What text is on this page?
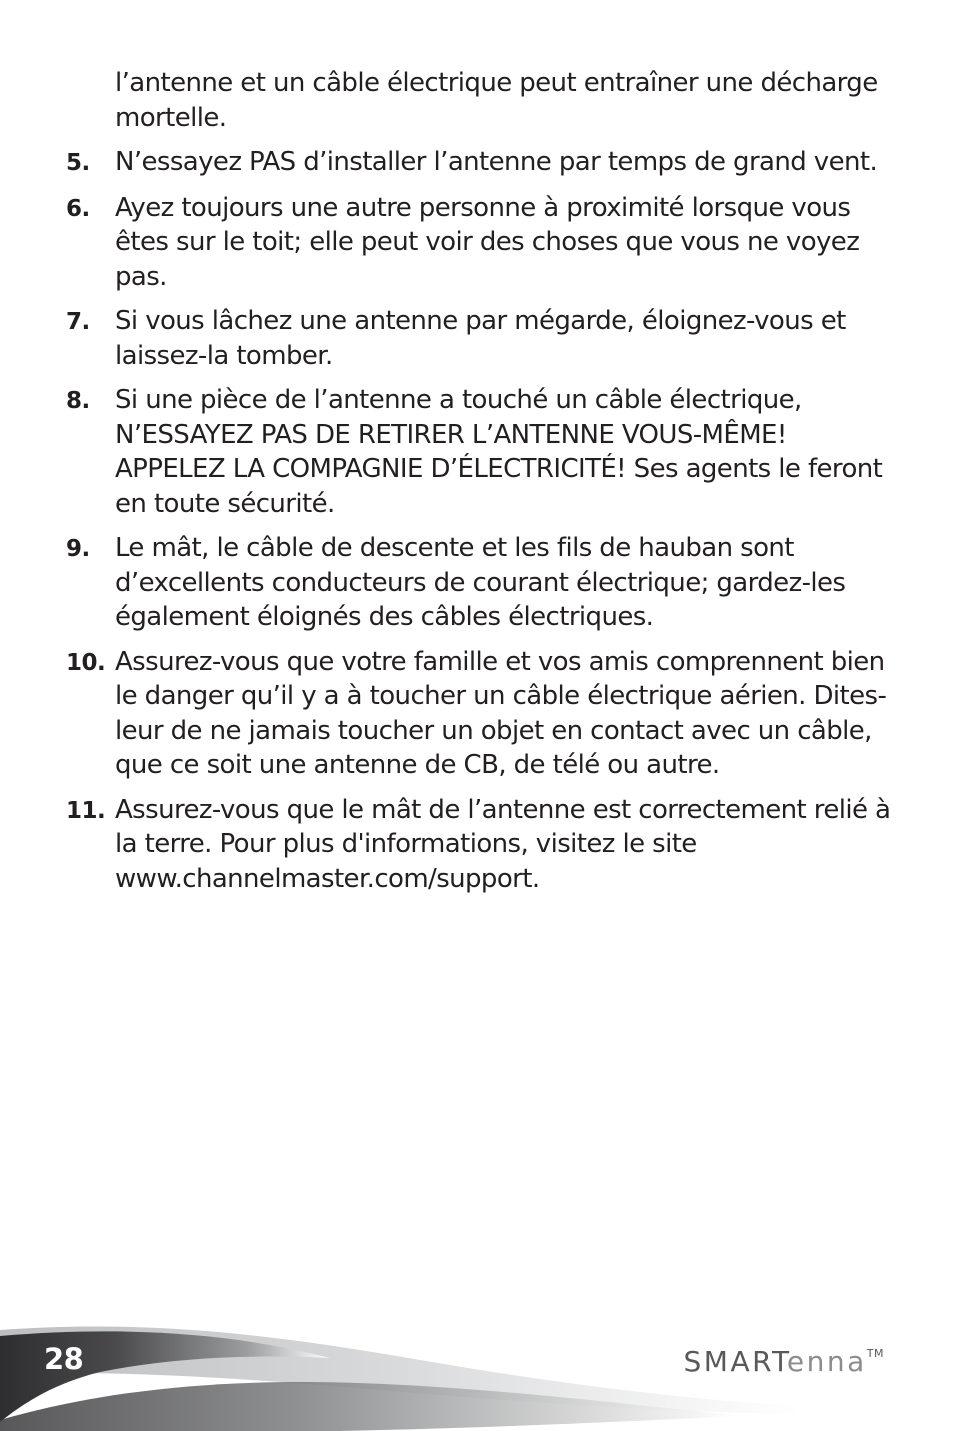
l’antenne et un câble électrique peut entraîner une décharge mortelle.
5. N’essayez PAS d’installer l’antenne par temps de grand vent.
6. Ayez toujours une autre personne à proximité lorsque vous êtes sur le toit; elle peut voir des choses que vous ne voyez pas.
7. Si vous lâchez une antenne par mégarde, éloignez-vous et laissez-la tomber.
8. Si une pièce de l’antenne a touché un câble électrique, N’ESSAYEZ PAS DE RETIRER L’ANTENNE VOUS-MÊME! APPELEZ LA COMPAGNIE D’ÉLECTRICITÉ! Ses agents le feront en toute sécurité.
9. Le mât, le câble de descente et les fils de hauban sont d’excellents conducteurs de courant électrique; gardez-les également éloignés des câbles électriques.
10. Assurez-vous que votre famille et vos amis comprennent bien le danger qu’il y a à toucher un câble électrique aérien. Dites-leur de ne jamais toucher un objet en contact avec un câble, que ce soit une antenne de CB, de télé ou autre.
11. Assurez-vous que le mât de l’antenne est correctement relié à la terre. Pour plus d'informations, visitez le site www.channelmaster.com/support.
28	SMARTenna™
